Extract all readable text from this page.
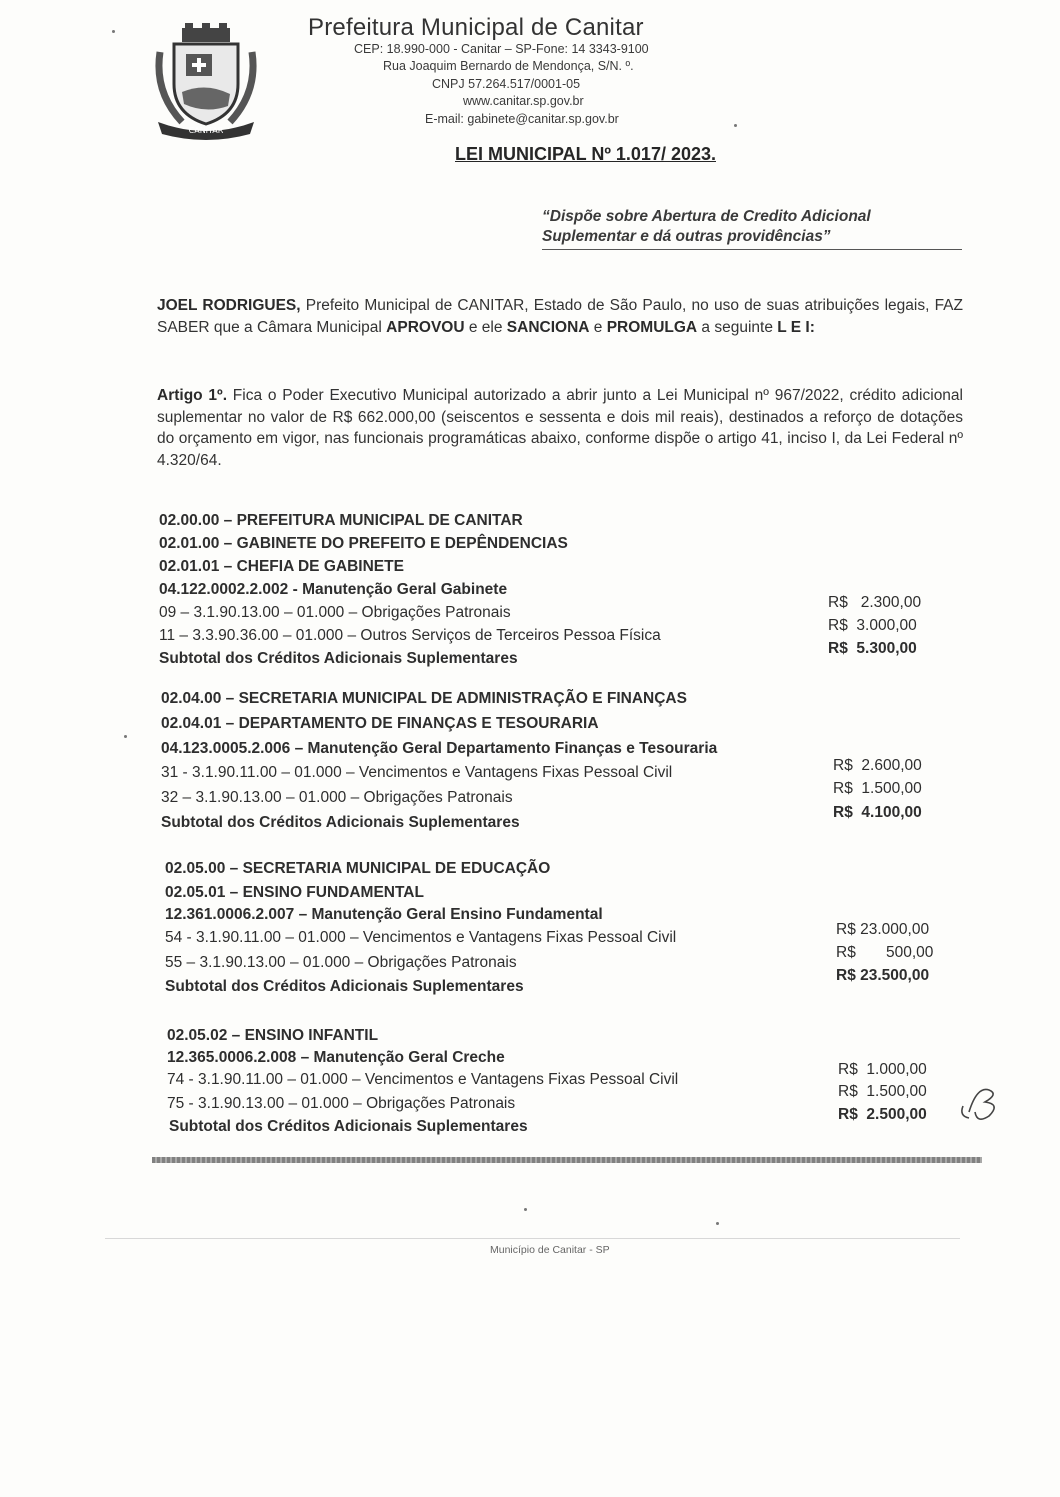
CANITAR
Prefeitura Municipal de Canitar
CEP: 18.990-000 - Canitar – SP-Fone: 14 3343-9100
Rua Joaquim Bernardo de Mendonça, S/N. º.
CNPJ 57.264.517/0001-05
www.canitar.sp.gov.br
E-mail: gabinete@canitar.sp.gov.br
LEI MUNICIPAL Nº 1.017/ 2023.
“Dispõe sobre Abertura de Credito Adicional
Suplementar e dá outras providências”
JOEL RODRIGUES, Prefeito Municipal de CANITAR, Estado de São Paulo, no uso de suas atribuições legais, FAZ SABER que a Câmara Municipal APROVOU e ele SANCIONA e PROMULGA a seguinte L E I:
Artigo 1º. Fica o Poder Executivo Municipal autorizado a abrir junto a Lei Municipal nº 967/2022, crédito adicional suplementar no valor de R$ 662.000,00 (seiscentos e sessenta e dois mil reais), destinados a reforço de dotações do orçamento em vigor, nas funcionais programáticas abaixo, conforme dispõe o artigo 41, inciso I, da Lei Federal nº 4.320/64.
02.00.00 – PREFEITURA MUNICIPAL DE CANITAR
02.01.00 – GABINETE DO PREFEITO E DEPÊNDENCIAS
02.01.01 – CHEFIA DE GABINETE
04.122.0002.2.002 - Manutenção Geral Gabinete
09 – 3.1.90.13.00 – 01.000 – Obrigações Patronais
R$   2.300,00
11 – 3.3.90.36.00 – 01.000 – Outros Serviços de Terceiros Pessoa Física
R$  3.000,00
Subtotal dos Créditos Adicionais Suplementares
R$  5.300,00
02.04.00 – SECRETARIA MUNICIPAL DE ADMINISTRAÇÃO E FINANÇAS
02.04.01 – DEPARTAMENTO DE FINANÇAS E TESOURARIA
04.123.0005.2.006 – Manutenção Geral Departamento Finanças e Tesouraria
31 - 3.1.90.11.00 – 01.000 – Vencimentos e Vantagens Fixas Pessoal Civil	R$  2.600,00
32 – 3.1.90.13.00 – 01.000 – Obrigações Patronais
R$  1.500,00
Subtotal dos Créditos Adicionais Suplementares
R$  4.100,00
02.05.00 – SECRETARIA MUNICIPAL DE EDUCAÇÃO
02.05.01 – ENSINO FUNDAMENTAL
12.361.0006.2.007 – Manutenção Geral Ensino Fundamental
54 - 3.1.90.11.00 – 01.000 – Vencimentos e Vantagens Fixas Pessoal Civil	R$ 23.000,00
55 – 3.1.90.13.00 – 01.000 – Obrigações Patronais
R$       500,00
Subtotal dos Créditos Adicionais Suplementares
R$ 23.500,00
02.05.02 – ENSINO INFANTIL
12.365.0006.2.008 – Manutenção Geral Creche
74 - 3.1.90.11.00 – 01.000 – Vencimentos e Vantagens Fixas Pessoal Civil
R$  1.000,00
75 - 3.1.90.13.00 – 01.000 – Obrigações Patronais
R$  1.500,00
Subtotal dos Créditos Adicionais Suplementares
R$  2.500,00
Município de Canitar - SP
